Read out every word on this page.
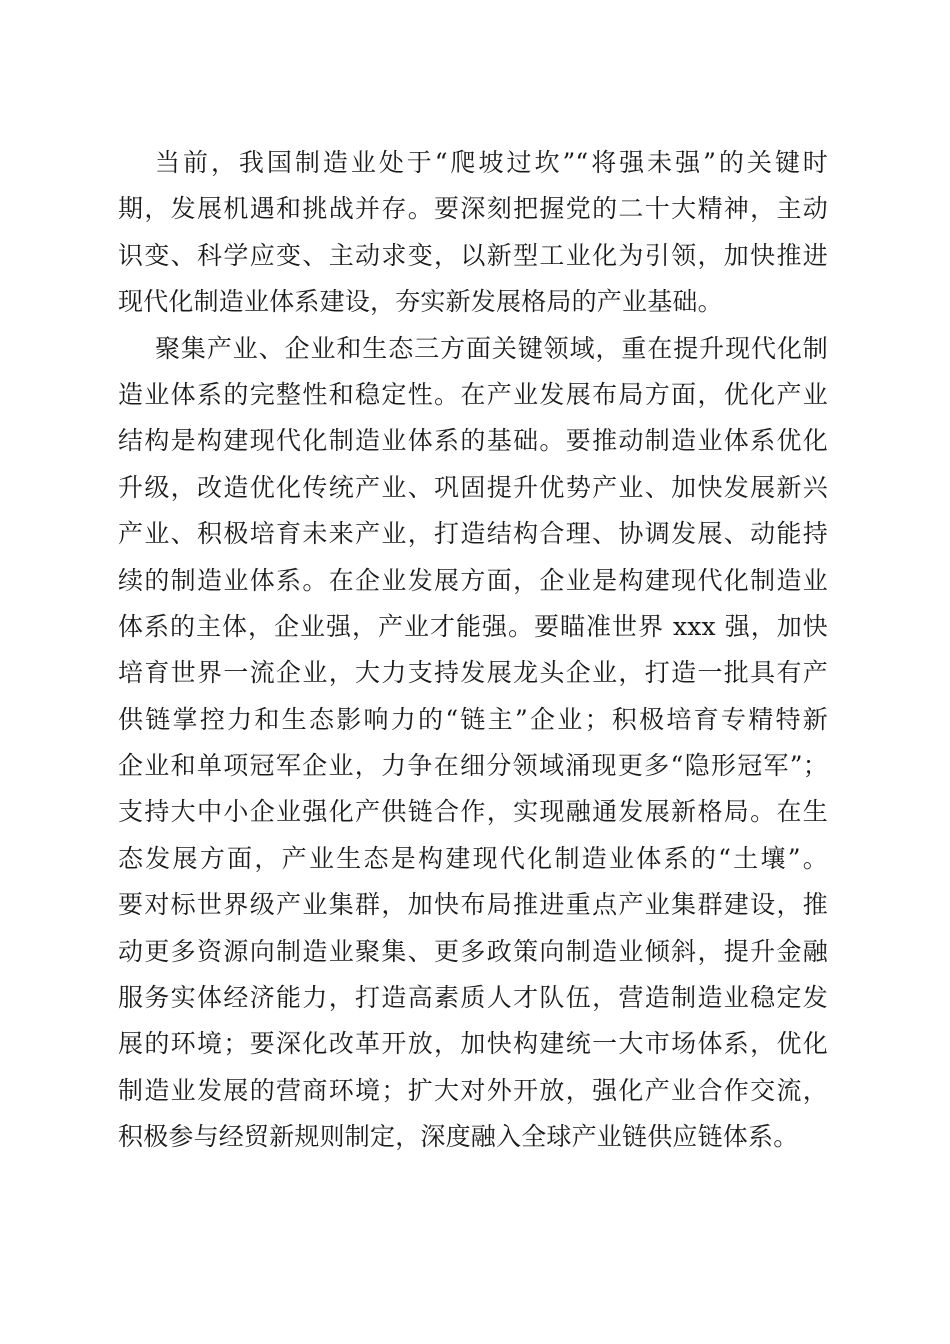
当前，我国制造业处于“爬坡过坎”“将强未强”的关键时
期，发展机遇和挑战并存。要深刻把握党的二十大精神，主动
识变、科学应变、主动求变，以新型工业化为引领，加快推进
现代化制造业体系建设，夯实新发展格局的产业基础。
聚集产业、企业和生态三方面关键领域，重在提升现代化制
造业体系的完整性和稳定性。在产业发展布局方面，优化产业
结构是构建现代化制造业体系的基础。要推动制造业体系优化
升级，改造优化传统产业、巩固提升优势产业、加快发展新兴
产业、积极培育未来产业，打造结构合理、协调发展、动能持
续的制造业体系。在企业发展方面，企业是构建现代化制造业
体系的主体，企业强，产业才能强。要瞄准世界 xxx 强，加快
培育世界一流企业，大力支持发展龙头企业，打造一批具有产
供链掌控力和生态影响力的“链主”企业；积极培育专精特新
企业和单项冠军企业，力争在细分领域涌现更多“隐形冠军”；
支持大中小企业强化产供链合作，实现融通发展新格局。在生
态发展方面，产业生态是构建现代化制造业体系的“土壤”。
要对标世界级产业集群，加快布局推进重点产业集群建设，推
动更多资源向制造业聚集、更多政策向制造业倾斜，提升金融
服务实体经济能力，打造高素质人才队伍，营造制造业稳定发
展的环境；要深化改革开放，加快构建统一大市场体系，优化
制造业发展的营商环境；扩大对外开放，强化产业合作交流，
积极参与经贸新规则制定，深度融入全球产业链供应链体系。
